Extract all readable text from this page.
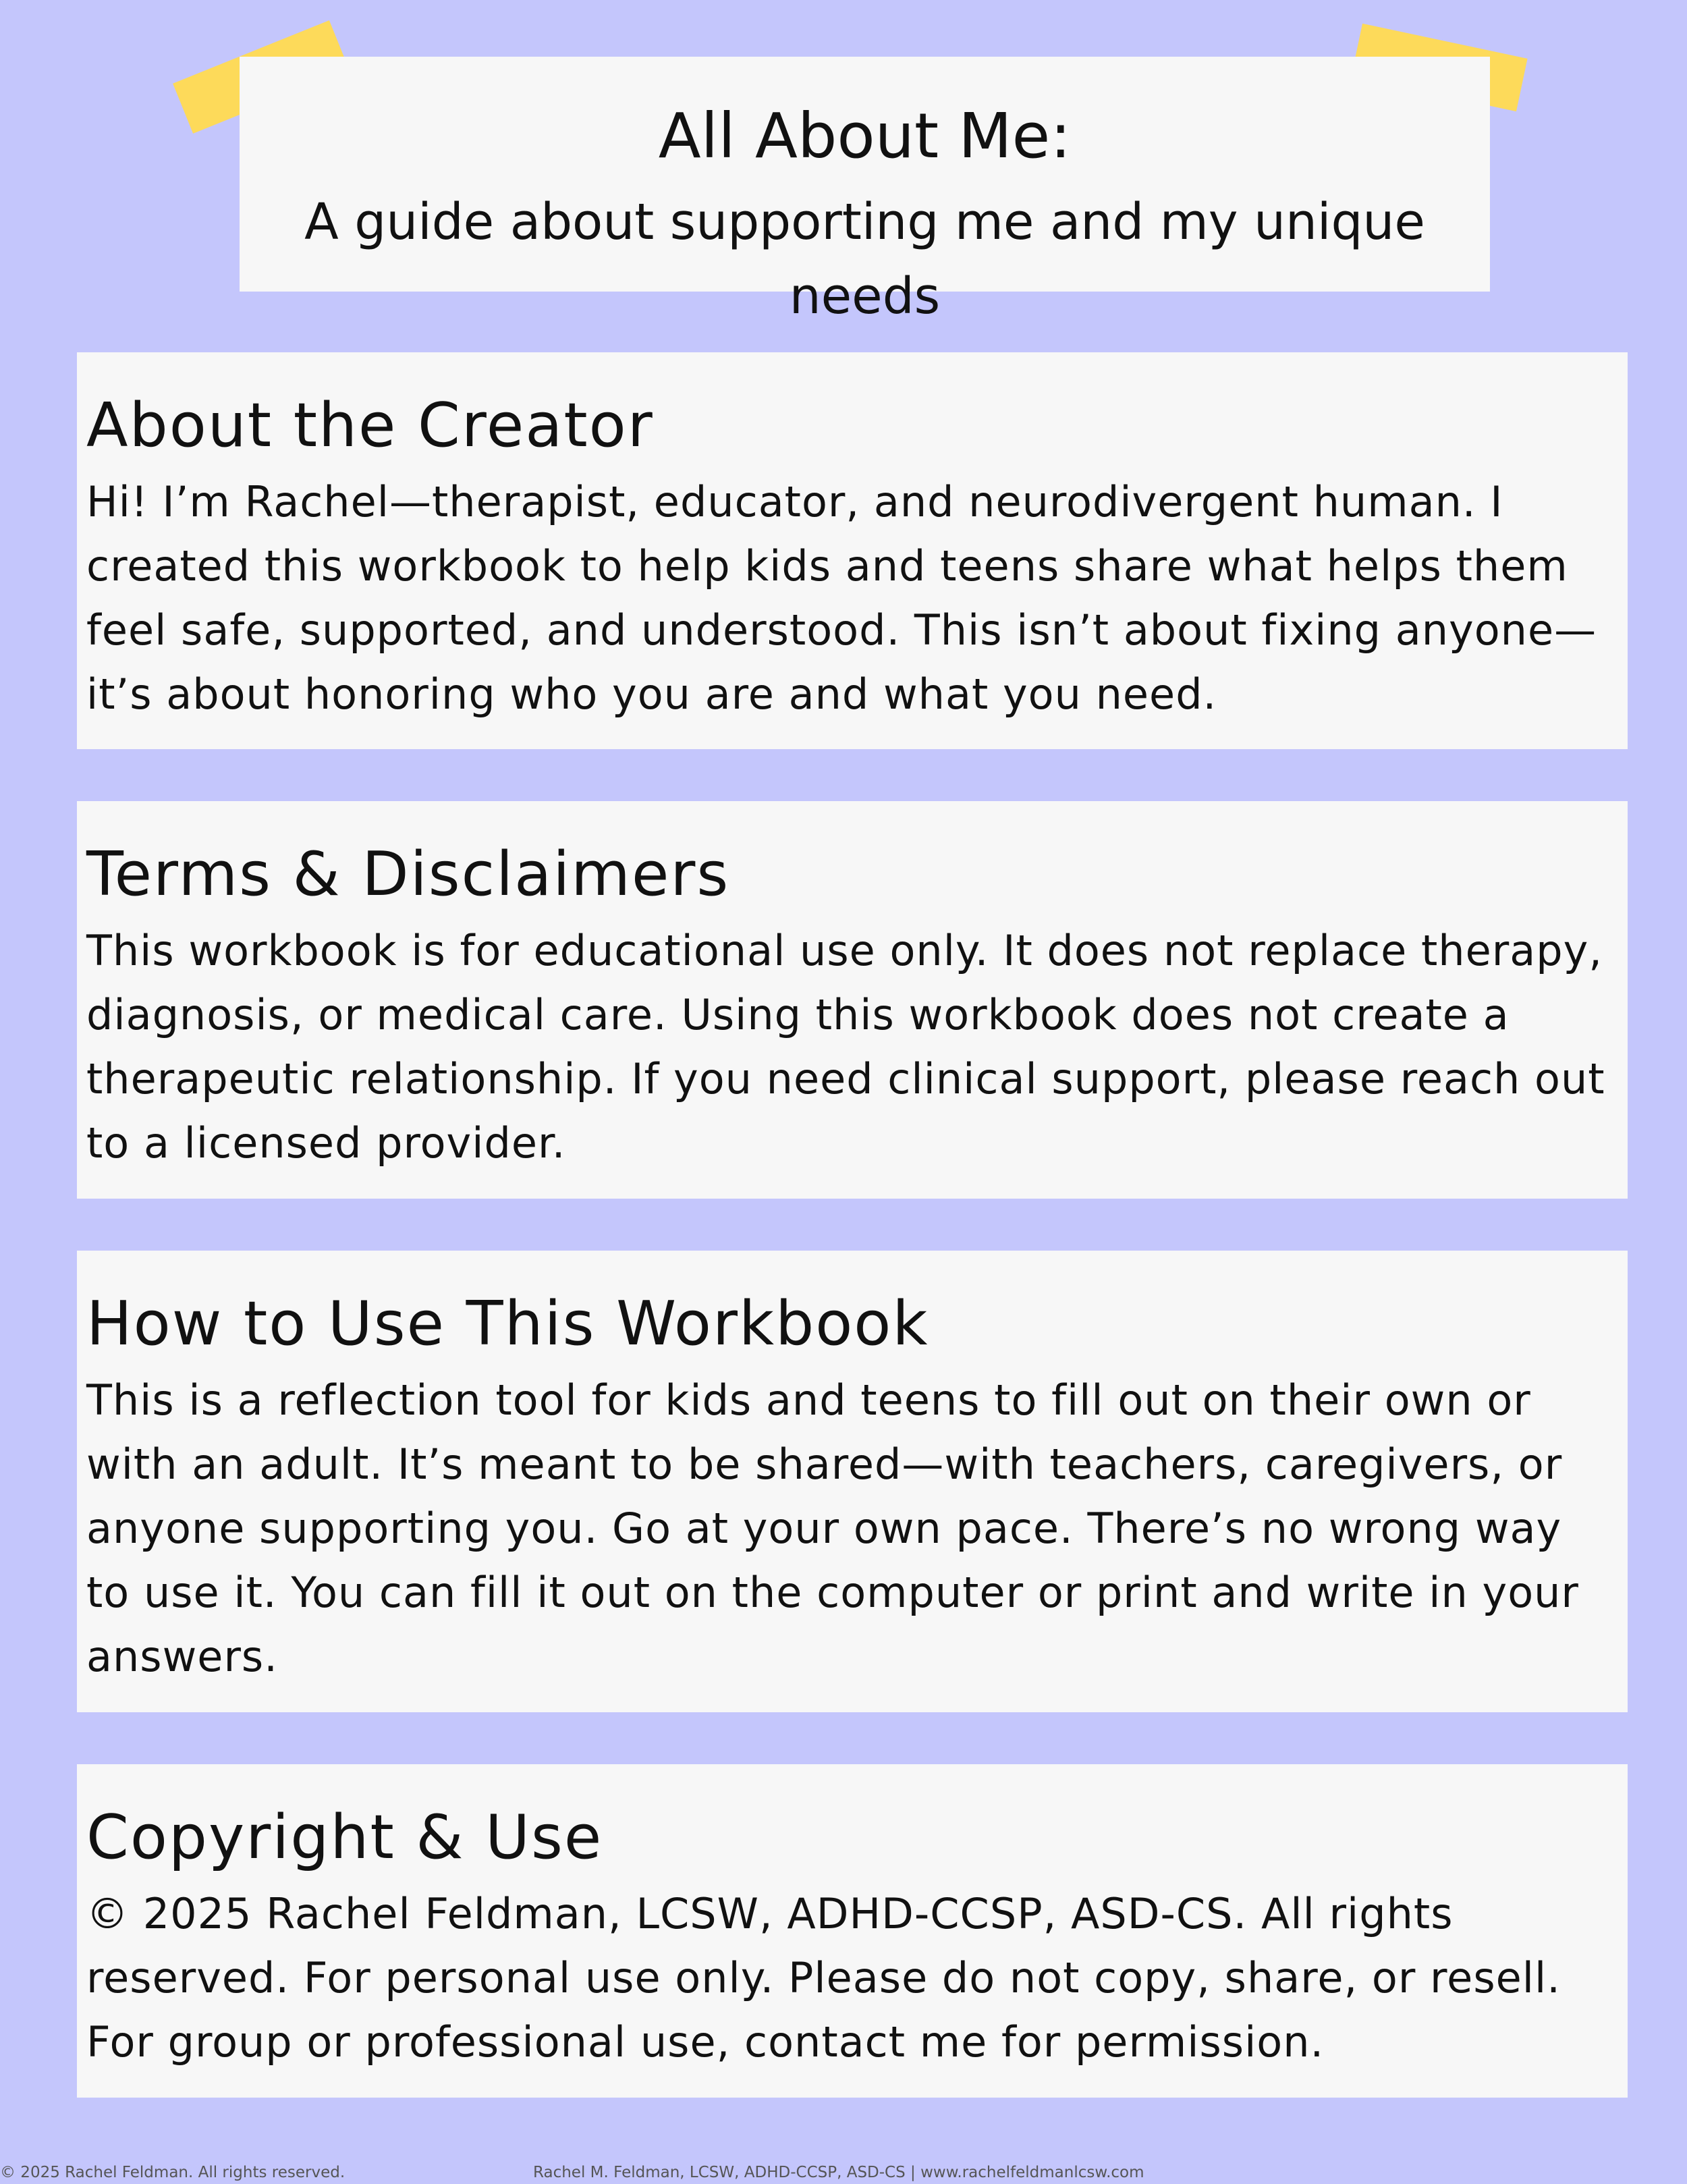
All About Me:
A guide about supporting me and my unique needs
About the Creator

Hi! I’m Rachel—therapist, educator, and neurodivergent human. I created this workbook to help kids and teens share what helps them feel safe, supported, and understood. This isn’t about fixing anyone—it’s about honoring who you are and what you need.

Terms & Disclaimers

This workbook is for educational use only. It does not replace therapy, diagnosis, or medical care. Using this workbook does not create a therapeutic relationship. If you need clinical support, please reach out to a licensed provider.

How to Use This Workbook

This is a reflection tool for kids and teens to fill out on their own or with an adult. It’s meant to be shared—with teachers, caregivers, or anyone supporting you. Go at your own pace. There’s no wrong way to use it. You can fill it out on the computer or print and write in your answers.

Copyright & Use

© 2025 Rachel Feldman, LCSW, ADHD-CCSP, ASD-CS. All rights reserved. For personal use only. Please do not copy, share, or resell. For group or professional use, contact me for permission.

© 2025 Rachel Feldman. All rights reserved.	Rachel M. Feldman, LCSW, ADHD-CCSP, ASD-CS | www.rachelfeldmanlcsw.com
